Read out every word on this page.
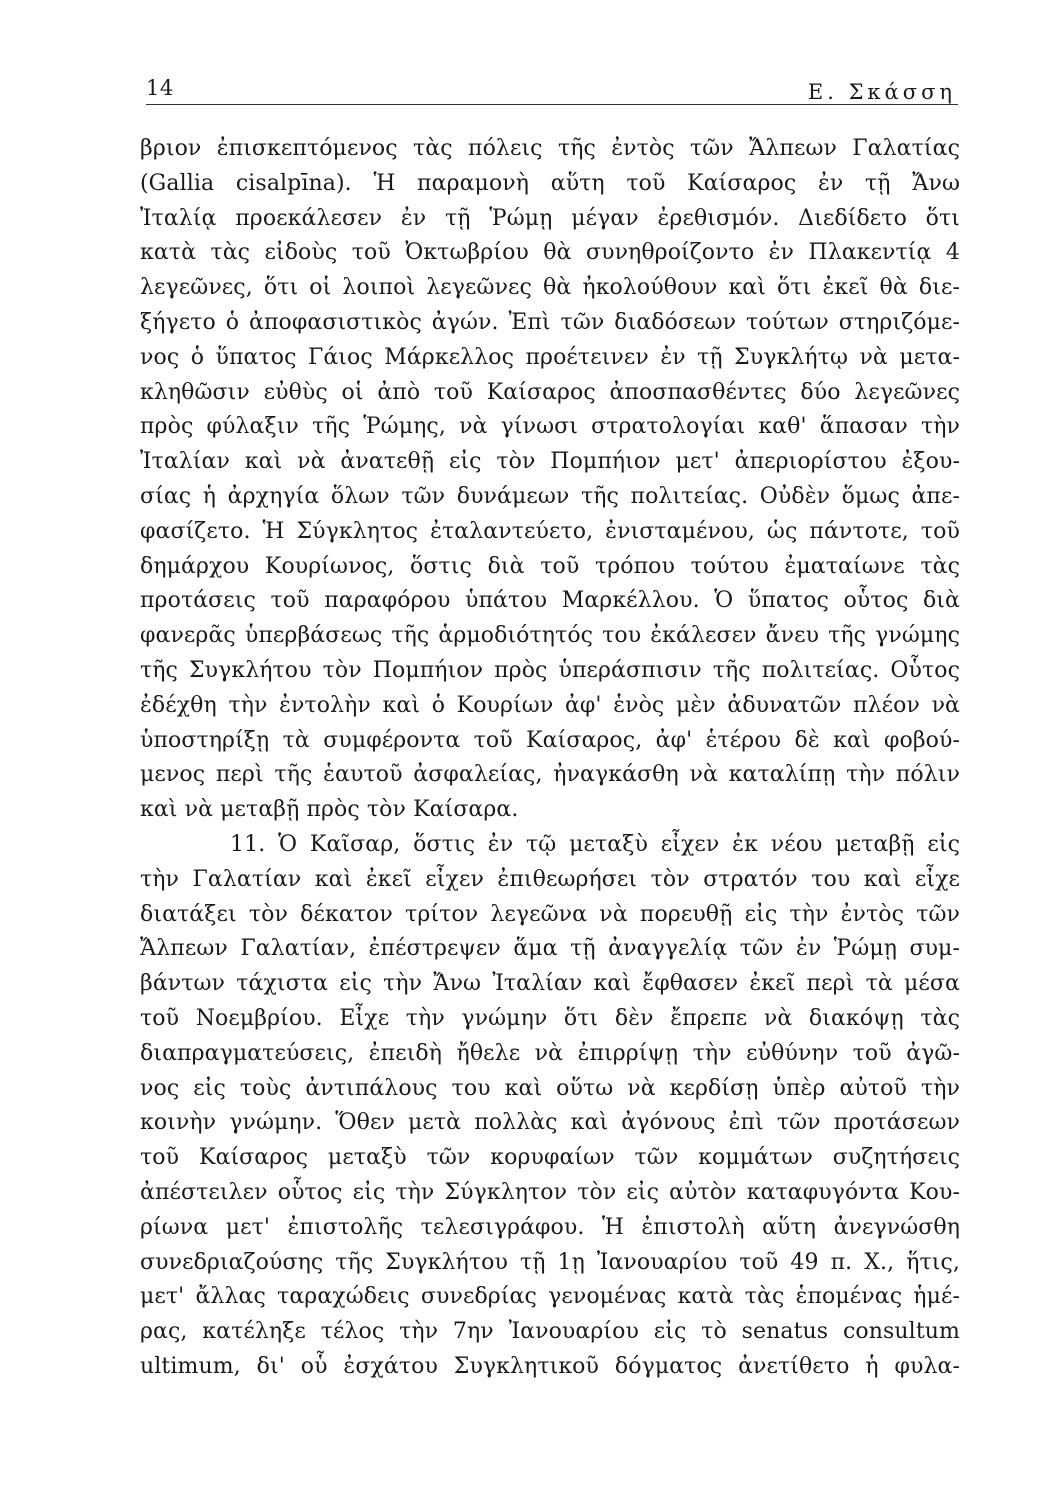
14	Ε. Σκάσση
βριον ἐπισκεπτόμενος τὰς πόλεις τῆς ἐντὸς τῶν Ἄλπεων Γαλατίας
(Gallia cisalpīna). Ἡ παραμονὴ αὕτη τοῦ Καίσαρος ἐν τῇ Ἄνω
Ἰταλίᾳ προεκάλεσεν ἐν τῇ Ῥώμῃ μέγαν ἐρεθισμόν. Διεδίδετο ὅτι
κατὰ τὰς εἰδοὺς τοῦ Ὀκτωβρίου θὰ συνηθροίζοντο ἐν Πλακεντίᾳ 4
λεγεῶνες, ὅτι οἱ λοιποὶ λεγεῶνες θὰ ἠκολούθουν καὶ ὅτι ἐκεῖ θὰ διε-
ξήγετο ὁ ἀποφασιστικὸς ἀγών. Ἐπὶ τῶν διαδόσεων τούτων στηριζόμε-
νος ὁ ὕπατος Γάιος Μάρκελλος προέτεινεν ἐν τῇ Συγκλήτῳ νὰ μετα-
κληθῶσιν εὐθὺς οἱ ἀπὸ τοῦ Καίσαρος ἀποσπασθέντες δύο λεγεῶνες
πρὸς φύλαξιν τῆς Ῥώμης, νὰ γίνωσι στρατολογίαι καθ' ἅπασαν τὴν
Ἰταλίαν καὶ νὰ ἀνατεθῇ εἰς τὸν Πομπήιον μετ' ἀπεριορίστου ἐξου-
σίας ἡ ἀρχηγία ὅλων τῶν δυνάμεων τῆς πολιτείας. Οὐδὲν ὅμως ἀπε-
φασίζετο. Ἡ Σύγκλητος ἐταλαντεύετο, ἐνισταμένου, ὡς πάντοτε, τοῦ
δημάρχου Κουρίωνος, ὅστις διὰ τοῦ τρόπου τούτου ἐματαίωνε τὰς
προτάσεις τοῦ παραφόρου ὑπάτου Μαρκέλλου. Ὁ ὕπατος οὗτος διὰ
φανερᾶς ὑπερβάσεως τῆς ἁρμοδιότητός του ἐκάλεσεν ἄνευ τῆς γνώμης
τῆς Συγκλήτου τὸν Πομπήιον πρὸς ὑπεράσπισιν τῆς πολιτείας. Οὗτος
ἐδέχθη τὴν ἐντολὴν καὶ ὁ Κουρίων ἀφ' ἑνὸς μὲν ἀδυνατῶν πλέον νὰ
ὑποστηρίξῃ τὰ συμφέροντα τοῦ Καίσαρος, ἀφ' ἑτέρου δὲ καὶ φοβού-
μενος περὶ τῆς ἑαυτοῦ ἀσφαλείας, ἠναγκάσθη νὰ καταλίπῃ τὴν πόλιν
καὶ νὰ μεταβῇ πρὸς τὸν Καίσαρα.
11. Ὁ Καῖσαρ, ὅστις ἐν τῷ μεταξὺ εἶχεν ἐκ νέου μεταβῇ εἰς
τὴν Γαλατίαν καὶ ἐκεῖ εἶχεν ἐπιθεωρήσει τὸν στρατόν του καὶ εἶχε
διατάξει τὸν δέκατον τρίτον λεγεῶνα νὰ πορευθῇ εἰς τὴν ἐντὸς τῶν
Ἄλπεων Γαλατίαν, ἐπέστρεψεν ἅμα τῇ ἀναγγελίᾳ τῶν ἐν Ῥώμῃ συμ-
βάντων τάχιστα εἰς τὴν Ἄνω Ἰταλίαν καὶ ἔφθασεν ἐκεῖ περὶ τὰ μέσα
τοῦ Νοεμβρίου. Εἶχε τὴν γνώμην ὅτι δὲν ἔπρεπε νὰ διακόψῃ τὰς
διαπραγματεύσεις, ἐπειδὴ ἤθελε νὰ ἐπιρρίψῃ τὴν εὐθύνην τοῦ ἀγῶ-
νος εἰς τοὺς ἀντιπάλους του καὶ οὕτω νὰ κερδίσῃ ὑπὲρ αὐτοῦ τὴν
κοινὴν γνώμην. Ὅθεν μετὰ πολλὰς καὶ ἀγόνους ἐπὶ τῶν προτάσεων
τοῦ Καίσαρος μεταξὺ τῶν κορυφαίων τῶν κομμάτων συζητήσεις
ἀπέστειλεν οὗτος εἰς τὴν Σύγκλητον τὸν εἰς αὐτὸν καταφυγόντα Κου-
ρίωνα μετ' ἐπιστολῆς τελεσιγράφου. Ἡ ἐπιστολὴ αὕτη ἀνεγνώσθη
συνεδριαζούσης τῆς Συγκλήτου τῇ 1ῃ Ἰανουαρίου τοῦ 49 π. Χ., ἥτις,
μετ' ἄλλας ταραχώδεις συνεδρίας γενομένας κατὰ τὰς ἑπομένας ἡμέ-
ρας, κατέληξε τέλος τὴν 7ην Ἰανουαρίου εἰς τὸ senatus consultum
ultimum, δι' οὗ ἐσχάτου Συγκλητικοῦ δόγματος ἀνετίθετο ἡ φυλα-
